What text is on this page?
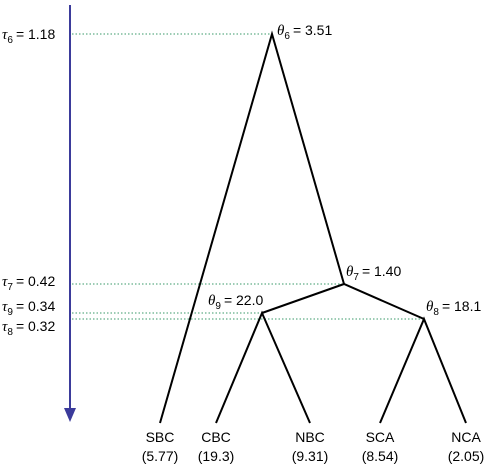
$\tau_6 = 1.18$
$\tau_7 = 0.42$
$\tau_9 = 0.34$
$\tau_8 = 0.32$
$\theta_6 = 3.51$
$\theta_7 = 1.40$
$\theta_9 = 22.0$	$\theta_8 = 18.1$
SBC
(5.77)
CBC
(19.3)
NBC
(9.31)
SCA
(8.54)
NCA
(2.05)
